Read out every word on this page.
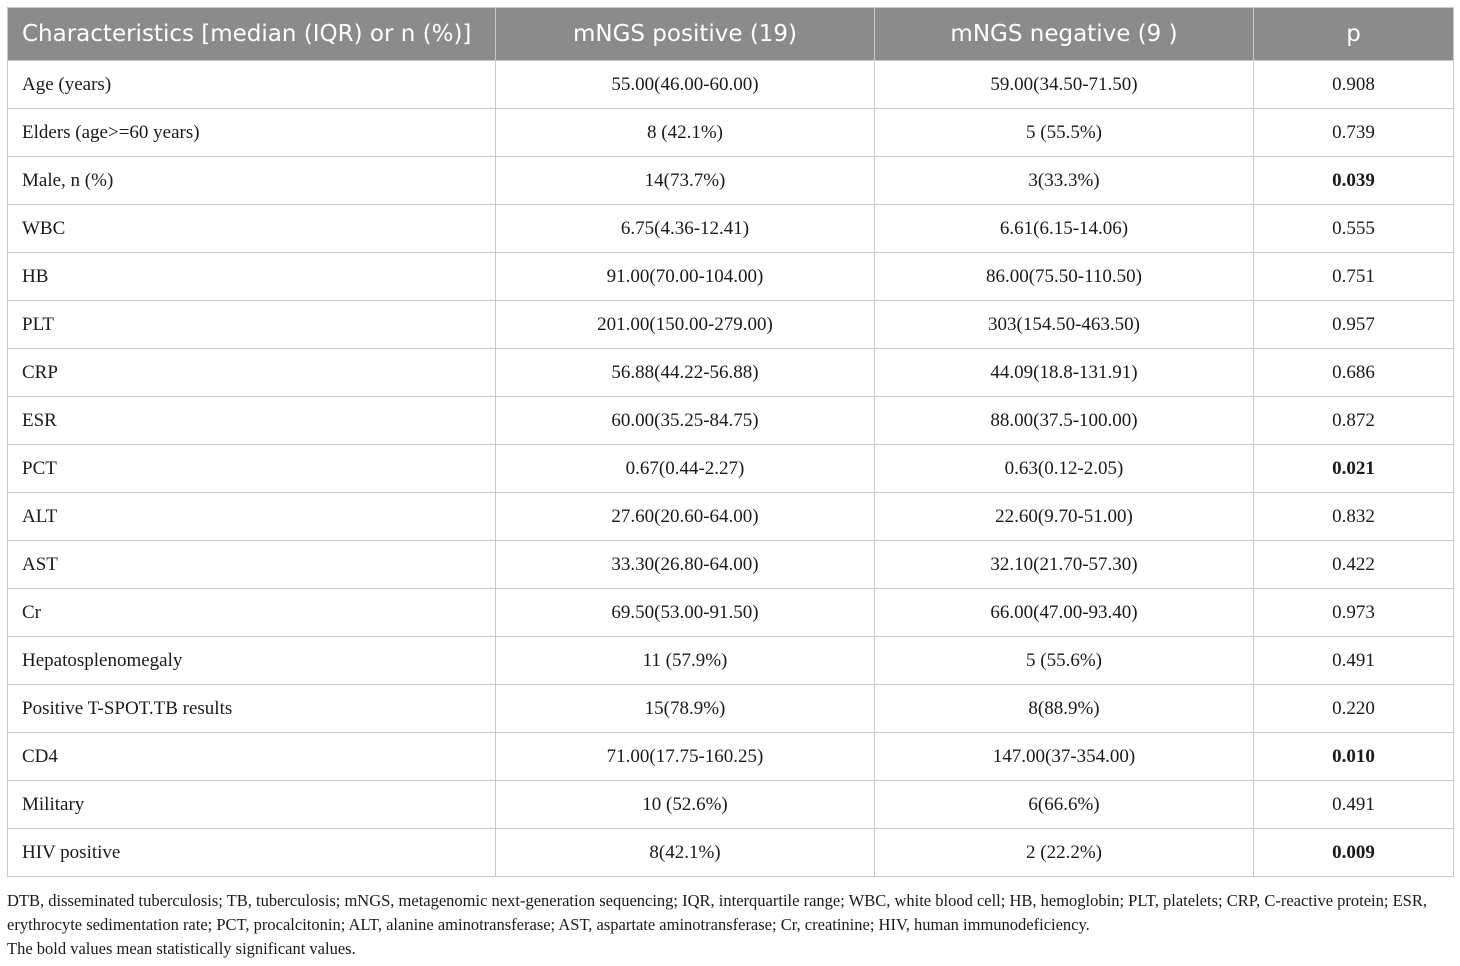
Characteristics [median (IQR) or n (%)]	mNGS positive (19)	mNGS negative (9 )	p
Age (years)	55.00(46.00-60.00)	59.00(34.50-71.50)	0.908
Elders (age>=60 years)	8 (42.1%)	5 (55.5%)	0.739
Male, n (%)	14(73.7%)	3(33.3%)	0.039
WBC	6.75(4.36-12.41)	6.61(6.15-14.06)	0.555
HB	91.00(70.00-104.00)	86.00(75.50-110.50)	0.751
PLT	201.00(150.00-279.00)	303(154.50-463.50)	0.957
CRP	56.88(44.22-56.88)	44.09(18.8-131.91)	0.686
ESR	60.00(35.25-84.75)	88.00(37.5-100.00)	0.872
PCT	0.67(0.44-2.27)	0.63(0.12-2.05)	0.021
ALT	27.60(20.60-64.00)	22.60(9.70-51.00)	0.832
AST	33.30(26.80-64.00)	32.10(21.70-57.30)	0.422
Cr	69.50(53.00-91.50)	66.00(47.00-93.40)	0.973
Hepatosplenomegaly	11 (57.9%)	5 (55.6%)	0.491
Positive T-SPOT.TB results	15(78.9%)	8(88.9%)	0.220
CD4	71.00(17.75-160.25)	147.00(37-354.00)	0.010
Military	10 (52.6%)	6(66.6%)	0.491
HIV positive	8(42.1%)	2 (22.2%)	0.009

DTB, disseminated tuberculosis; TB, tuberculosis; mNGS, metagenomic next-generation sequencing; IQR, interquartile range; WBC, white blood cell; HB, hemoglobin; PLT, platelets; CRP, C-reactive protein; ESR, erythrocyte sedimentation rate; PCT, procalcitonin; ALT, alanine aminotransferase; AST, aspartate aminotransferase; Cr, creatinine; HIV, human immunodeficiency.

The bold values mean statistically significant values.
